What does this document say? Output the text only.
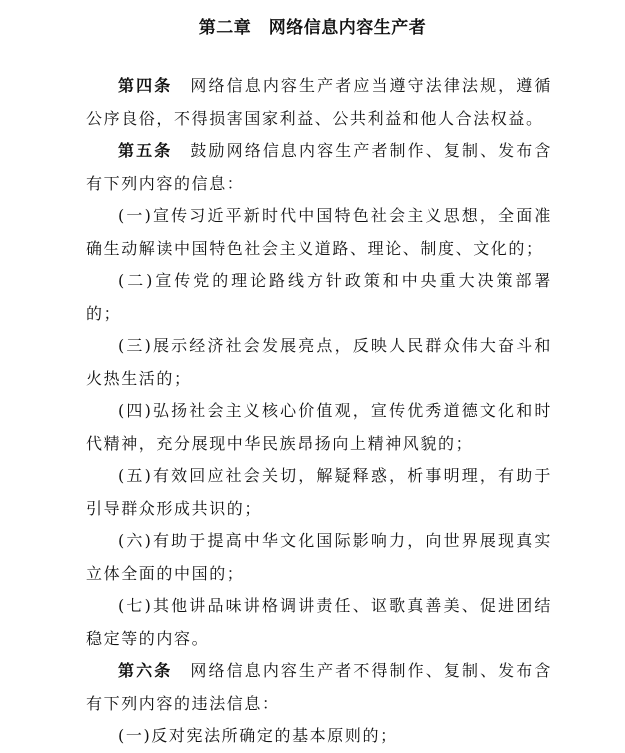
第二章　网络信息内容生产者

第四条　网络信息内容生产者应当遵守法律法规，遵循公序良俗，不得损害国家利益、公共利益和他人合法权益。

第五条　鼓励网络信息内容生产者制作、复制、发布含有下列内容的信息：

(一)宣传习近平新时代中国特色社会主义思想，全面准确生动解读中国特色社会主义道路、理论、制度、文化的；

(二)宣传党的理论路线方针政策和中央重大决策部署的；

(三)展示经济社会发展亮点，反映人民群众伟大奋斗和火热生活的；

(四)弘扬社会主义核心价值观，宣传优秀道德文化和时代精神，充分展现中华民族昂扬向上精神风貌的；

(五)有效回应社会关切，解疑释惑，析事明理，有助于引导群众形成共识的；

(六)有助于提高中华文化国际影响力，向世界展现真实立体全面的中国的；

(七)其他讲品味讲格调讲责任、讴歌真善美、促进团结稳定等的内容。

第六条　网络信息内容生产者不得制作、复制、发布含有下列内容的违法信息：

(一)反对宪法所确定的基本原则的；
